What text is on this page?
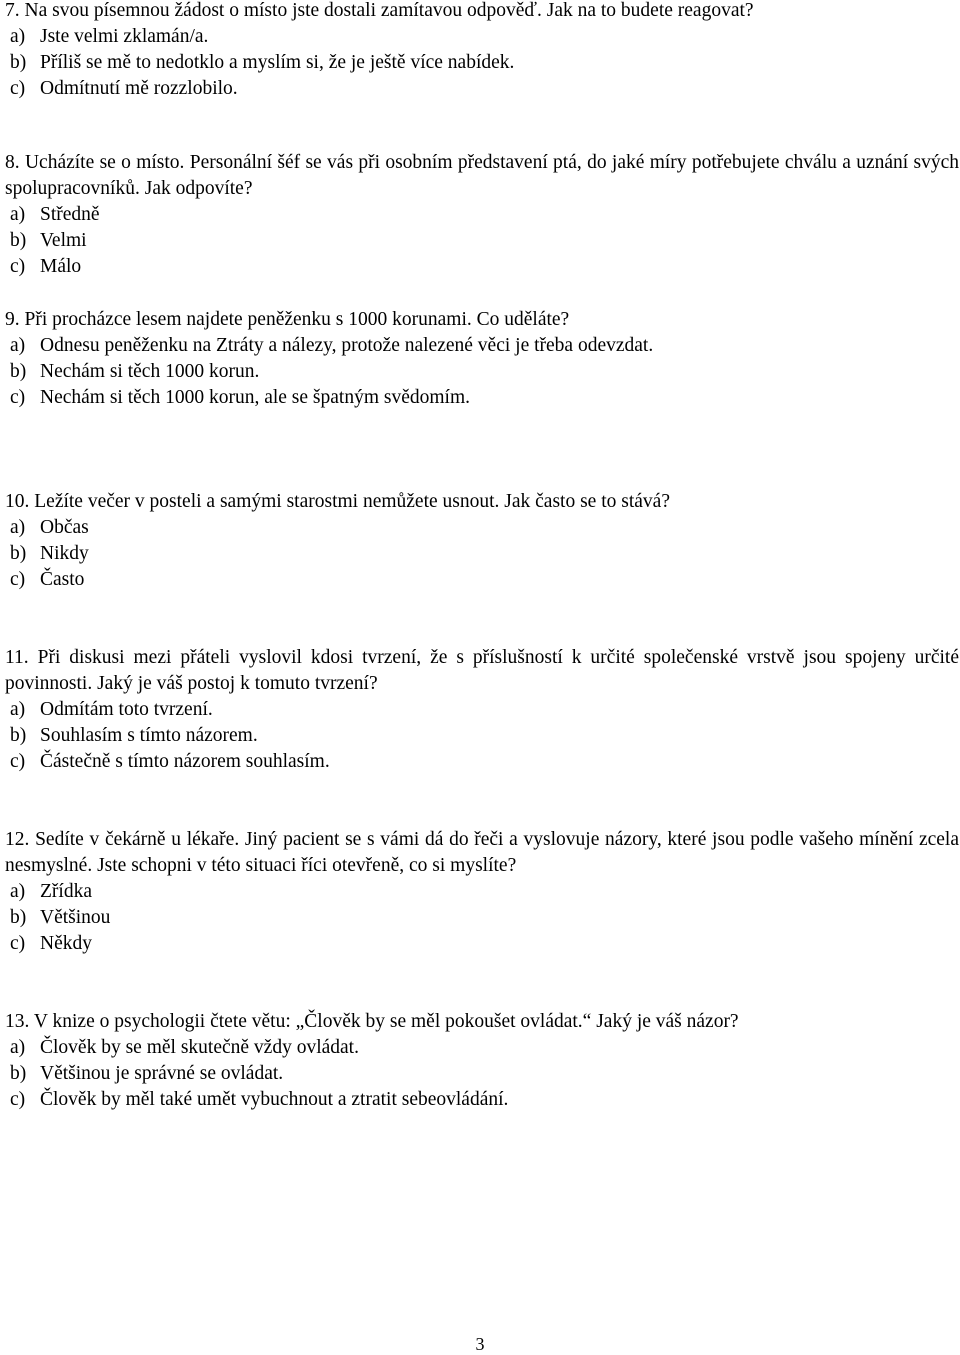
7. Na svou písemnou žádost o místo jste dostali zamítavou odpověď. Jak na to budete reagovat?

a) Jste velmi zklamán/a.
b) Příliš se mě to nedotklo a myslím si, že je ještě více nabídek.
c) Odmítnutí mě rozzlobilo.

8. Ucházíte se o místo. Personální šéf se vás při osobním představení ptá, do jaké míry potřebujete chválu a uznání svých spolupracovníků. Jak odpovíte?

a) Středně
b) Velmi
c) Málo

9. Při procházce lesem najdete peněženku s 1000 korunami. Co uděláte?

a) Odnesu peněženku na Ztráty a nálezy, protože nalezené věci je třeba odevzdat.
b) Nechám si těch 1000 korun.
c) Nechám si těch 1000 korun, ale se špatným svědomím.

10. Ležíte večer v posteli a samými starostmi nemůžete usnout. Jak často se to stává?

a) Občas
b) Nikdy
c) Často

11. Při diskusi mezi přáteli vyslovil kdosi tvrzení, že s příslušností k určité společenské vrstvě jsou spojeny určité povinnosti. Jaký je váš postoj k tomuto tvrzení?

a) Odmítám toto tvrzení.
b) Souhlasím s tímto názorem.
c) Částečně s tímto názorem souhlasím.

12. Sedíte v čekárně u lékaře. Jiný pacient se s vámi dá do řeči a vyslovuje názory, které jsou podle vašeho mínění zcela nesmyslné. Jste schopni v této situaci říci otevřeně, co si myslíte?

a) Zřídka
b) Většinou
c) Někdy

13. V knize o psychologii čtete větu: „Člověk by se měl pokoušet ovládat.“ Jaký je váš názor?

a) Člověk by se měl skutečně vždy ovládat.
b) Většinou je správné se ovládat.
c) Člověk by měl také umět vybuchnout a ztratit sebeovládání.
3
